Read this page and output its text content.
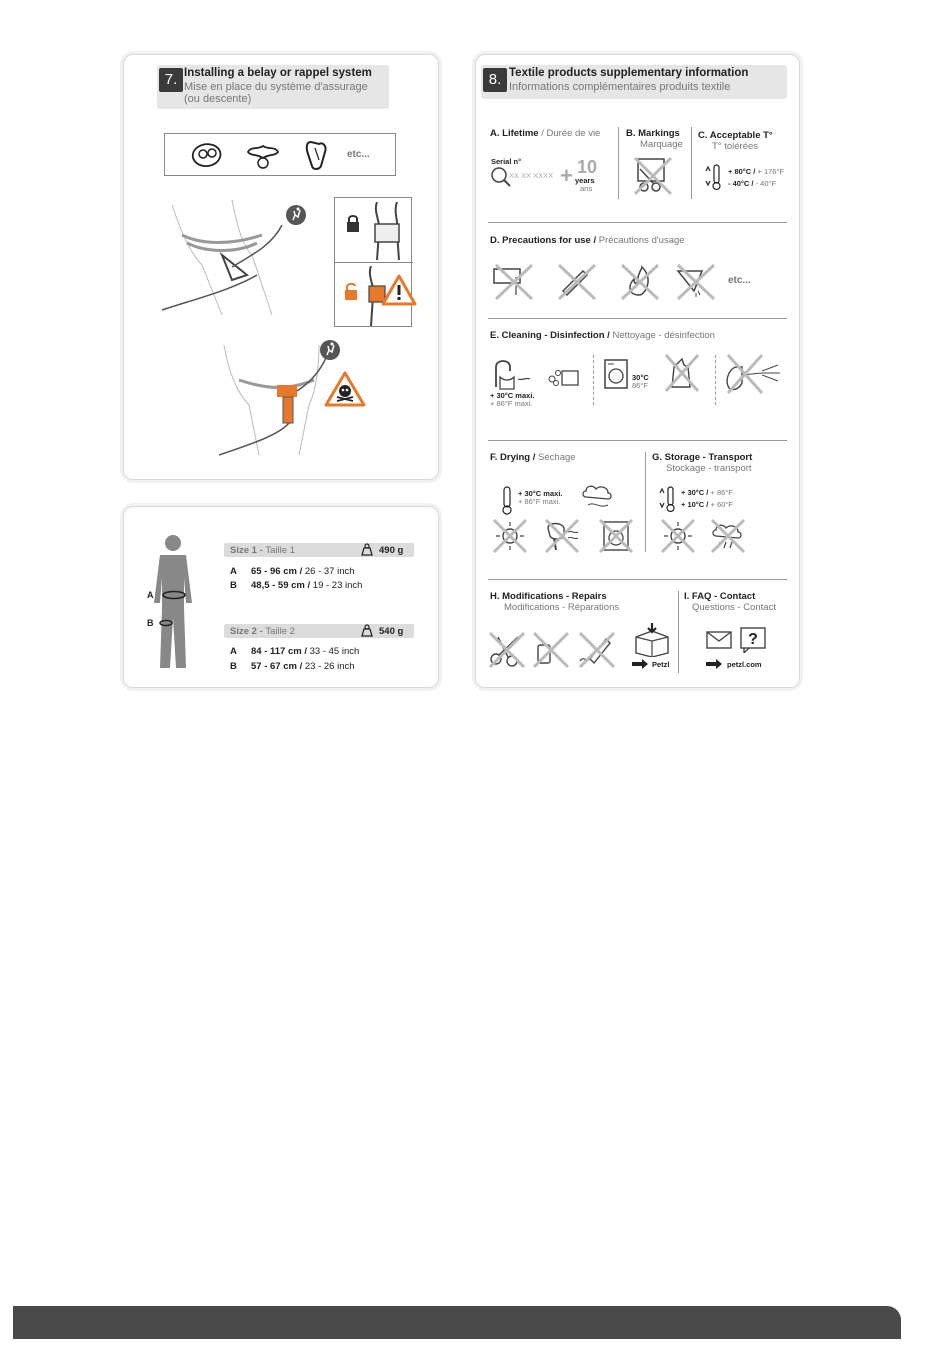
7. Installing a belay or rappel system
Mise en place du système d'assurage
(ou descente)
etc...
A
B
Size 1 - Taille 1	490 g
A 65 - 96 cm / 26 - 37 inch
B 48,5 - 59 cm / 19 - 23 inch
Size 2 - Taille 2	540 g
A 84 - 117 cm / 33 - 45 inch
B 57 - 67 cm / 23 - 26 inch
8. Textile products supplementary information
Informations complémentaires produits textile
A. Lifetime / Durée de vie
Serial n°
XX XX XXXX + 10
years
ans
B. Markings
Marquage
C. Acceptable T°
T° tolérées
+ 80°C / + 176°F
- 40°C / - 40°F
D. Precautions for use / Précautions d'usage
etc...
E. Cleaning - Disinfection / Nettoyage - désinfection
+ 30°C maxi.
+ 86°F maxi.
30°C
86°F
F. Drying / Séchage
+ 30°C maxi.
+ 86°F maxi.
G. Storage - Transport
Stockage - transport
+ 30°C / + 86°F
+ 10°C / + 60°F
H. Modifications - Repairs
Modifications - Réparations
Petzl
I. FAQ - Contact
Questions - Contact
?
petzl.com
